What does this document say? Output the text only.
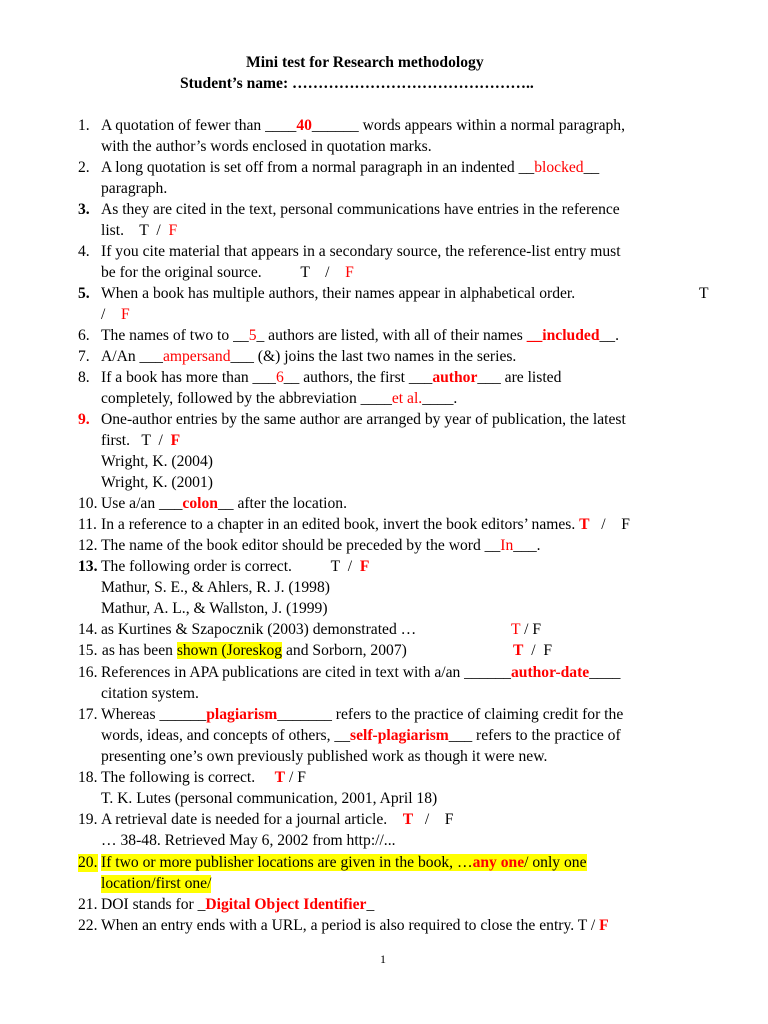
Mini test for Research methodology
Student’s name: ………………………………………..
1. A quotation of fewer than ____40______ words appears within a normal paragraph,
with the author’s words enclosed in quotation marks.
2. A long quotation is set off from a normal paragraph in an indented __blocked__
paragraph.
3. As they are cited in the text, personal communications have entries in the reference
list.    T  /  F
4. If you cite material that appears in a secondary source, the reference-list entry must
be for the original source.          T    /    F
5. When a book has multiple authors, their names appear in alphabetical order.	T
/    F
6. The names of two to __5_ authors are listed, with all of their names __included__.
7. A/An ___ampersand___ (&) joins the last two names in the series.
8. If a book has more than ___6__ authors, the first ___author___ are listed
completely, followed by the abbreviation ____et al.____.
9. One-author entries by the same author are arranged by year of publication, the latest
first.   T  /  F
Wright, K. (2004)
Wright, K. (2001)
10. Use a/an ___colon__ after the location.
11. In a reference to a chapter in an edited book, invert the book editors’ names. T   /    F
12. The name of the book editor should be preceded by the word __In___.
13. The following order is correct.          T  /  F
Mathur, S. E., & Ahlers, R. J. (1998)
Mathur, A. L., & Wallston, J. (1999)
14. as Kurtines & Szapocznik (2003) demonstrated …	T / F
15. as has been shown (Joreskog and Sorborn, 2007)	T  /  F
16. References in APA publications are cited in text with a/an ______author-date____
citation system.
17. Whereas ______plagiarism_______ refers to the practice of claiming credit for the
words, ideas, and concepts of others, __self-plagiarism___ refers to the practice of
presenting one’s own previously published work as though it were new.
18. The following is correct.     T / F
T. K. Lutes (personal communication, 2001, April 18)
19. A retrieval date is needed for a journal article.    T   /    F
… 38-48. Retrieved May 6, 2002 from http://...
20. If two or more publisher locations are given in the book, …any one/ only one
location/first one/
21. DOI stands for _Digital Object Identifier_
22. When an entry ends with a URL, a period is also required to close the entry. T / F
1
